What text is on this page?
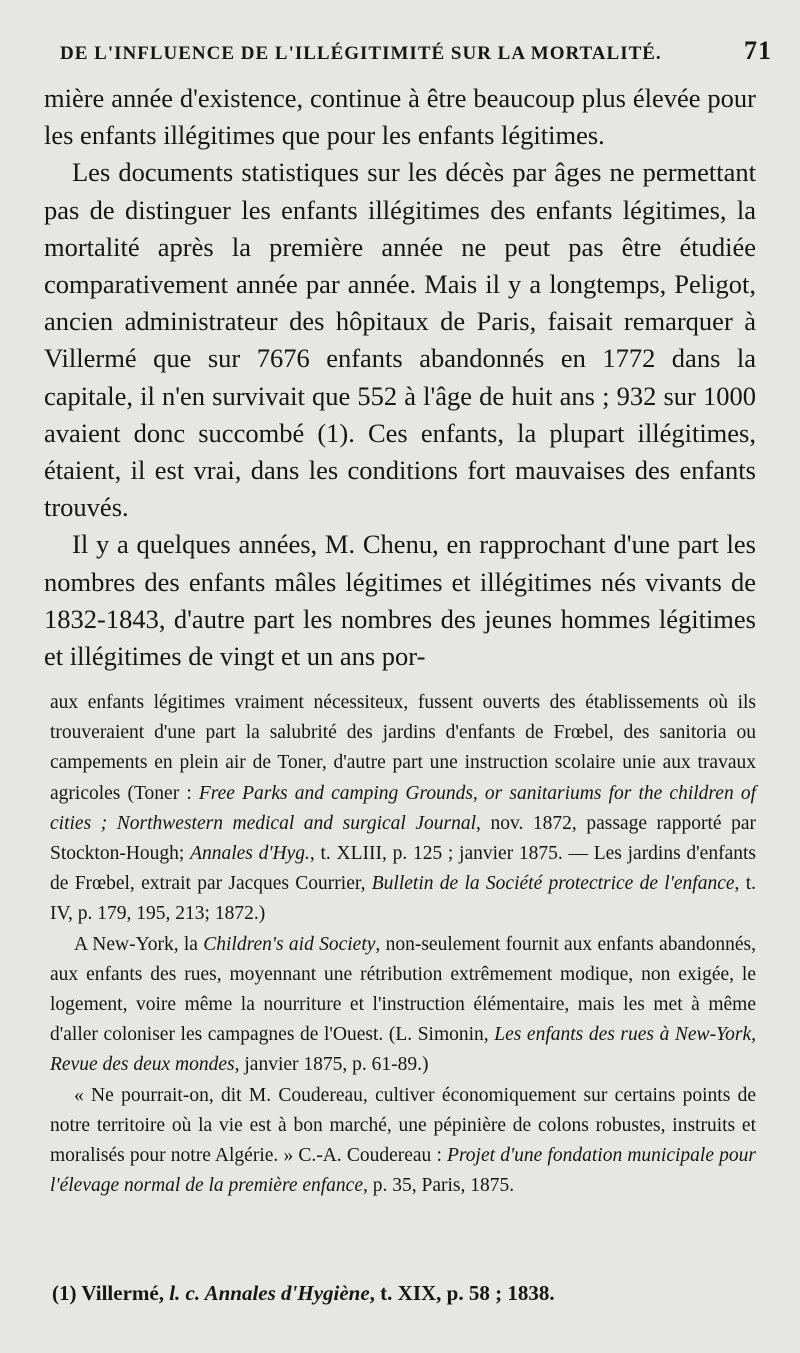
DE L'INFLUENCE DE L'ILLÉGITIMITÉ SUR LA MORTALITÉ.	71

mière année d'existence, continue à être beaucoup plus élevée pour les enfants illégitimes que pour les enfants légitimes.

Les documents statistiques sur les décès par âges ne permettant pas de distinguer les enfants illégitimes des enfants légitimes, la mortalité après la première année ne peut pas être étudiée comparativement année par année. Mais il y a longtemps, Peligot, ancien administrateur des hôpitaux de Paris, faisait remarquer à Villermé que sur 7676 enfants abandonnés en 1772 dans la capitale, il n'en survivait que 552 à l'âge de huit ans ; 932 sur 1000 avaient donc succombé (1). Ces enfants, la plupart illégitimes, étaient, il est vrai, dans les conditions fort mauvaises des enfants trouvés.

Il y a quelques années, M. Chenu, en rapprochant d'une part les nombres des enfants mâles légitimes et illégitimes nés vivants de 1832-1843, d'autre part les nombres des jeunes hommes légitimes et illégitimes de vingt et un ans por-

aux enfants légitimes vraiment nécessiteux, fussent ouverts des établissements où ils trouveraient d'une part la salubrité des jardins d'enfants de Frœbel, des sanitoria ou campements en plein air de Toner, d'autre part une instruction scolaire unie aux travaux agricoles (Toner : Free Parks and camping Grounds, or sanitariums for the children of cities ; Northwestern medical and surgical Journal, nov. 1872, passage rapporté par Stockton-Hough; Annales d'Hyg., t. XLIII, p. 125 ; janvier 1875. — Les jardins d'enfants de Frœbel, extrait par Jacques Courrier, Bulletin de la Société protectrice de l'enfance, t. IV, p. 179, 195, 213; 1872.)

A New-York, la Children's aid Society, non-seulement fournit aux enfants abandonnés, aux enfants des rues, moyennant une rétribution extrêmement modique, non exigée, le logement, voire même la nourriture et l'instruction élémentaire, mais les met à même d'aller coloniser les campagnes de l'Ouest. (L. Simonin, Les enfants des rues à New-York, Revue des deux mondes, janvier 1875, p. 61-89.)

« Ne pourrait-on, dit M. Coudereau, cultiver économiquement sur certains points de notre territoire où la vie est à bon marché, une pépinière de colons robustes, instruits et moralisés pour notre Algérie. » C.-A. Coudereau : Projet d'une fondation municipale pour l'élevage normal de la première enfance, p. 35, Paris, 1875.

(1) Villermé, l. c. Annales d'Hygiène, t. XIX, p. 58 ; 1838.
